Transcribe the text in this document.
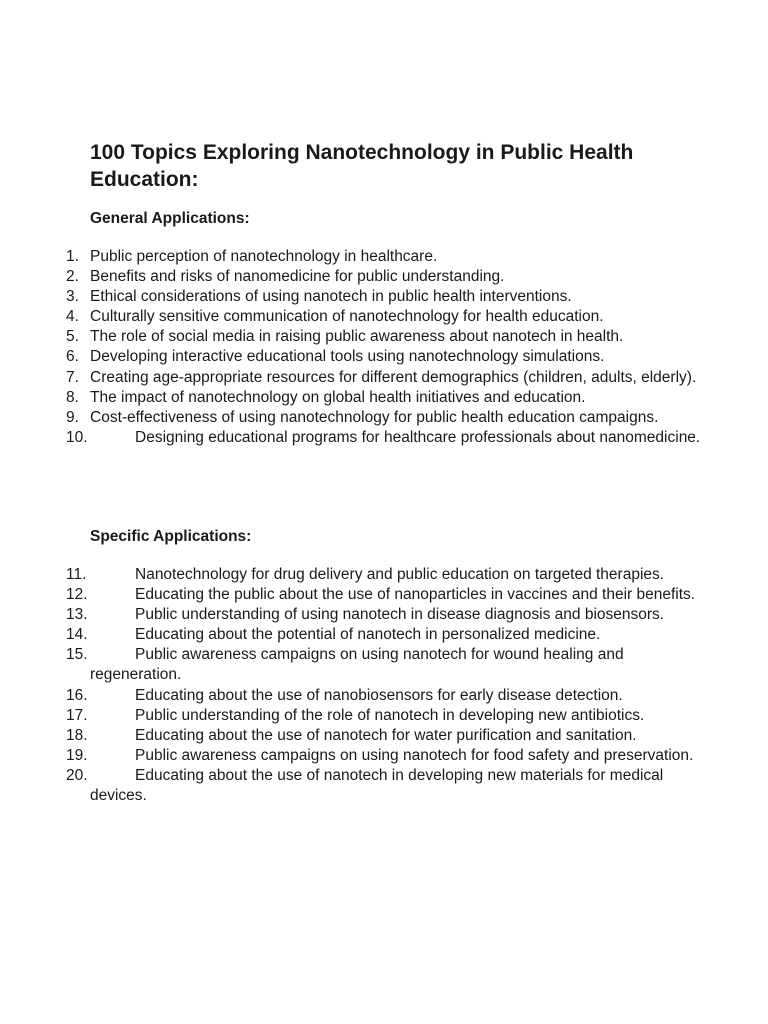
100 Topics Exploring Nanotechnology in Public Health Education:
General Applications:
1. Public perception of nanotechnology in healthcare.
2. Benefits and risks of nanomedicine for public understanding.
3. Ethical considerations of using nanotech in public health interventions.
4. Culturally sensitive communication of nanotechnology for health education.
5. The role of social media in raising public awareness about nanotech in health.
6. Developing interactive educational tools using nanotechnology simulations.
7. Creating age-appropriate resources for different demographics (children, adults, elderly).
8. The impact of nanotechnology on global health initiatives and education.
9. Cost-effectiveness of using nanotechnology for public health education campaigns.
10.	Designing educational programs for healthcare professionals about nanomedicine.
Specific Applications:
11.	Nanotechnology for drug delivery and public education on targeted therapies.
12.	Educating the public about the use of nanoparticles in vaccines and their benefits.
13.	Public understanding of using nanotech in disease diagnosis and biosensors.
14.	Educating about the potential of nanotech in personalized medicine.
15.	Public awareness campaigns on using nanotech for wound healing and regeneration.
16.	Educating about the use of nanobiosensors for early disease detection.
17.	Public understanding of the role of nanotech in developing new antibiotics.
18.	Educating about the use of nanotech for water purification and sanitation.
19.	Public awareness campaigns on using nanotech for food safety and preservation.
20.	Educating about the use of nanotech in developing new materials for medical devices.
